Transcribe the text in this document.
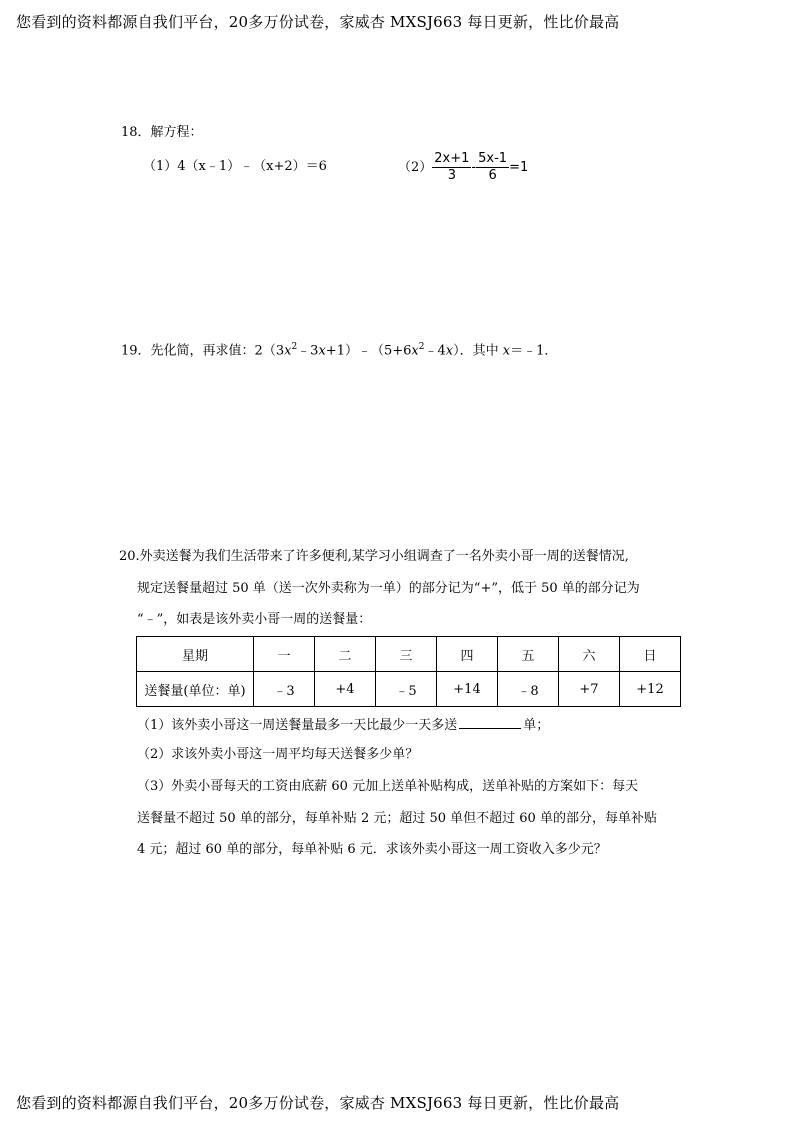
您看到的资料都源自我们平台，20多万份试卷，家威杏 MXSJ663 每日更新，性比价最高
18．解方程：
（1）4（x﹣1）﹣（x+2）＝6	$(2) \frac{2x+1}{3} - \frac{5x-1}{6} =1$
19．先化简，再求值：$2(3x^2﹣3x+1)﹣(5+6x^2﹣4x)$．其中 x＝﹣1．
20.外卖送餐为我们生活带来了许多便利,某学习小组调查了一名外卖小哥一周的送餐情况,
规定送餐量超过 50 单（送一次外卖称为一单）的部分记为“+”，低于 50 单的部分记为
“﹣”，如表是该外卖小哥一周的送餐量：
星期	一	二	三	四	五	六	日
送餐量(单位：单)	﹣3	+4	﹣5	+14	﹣8	+7	+12
（1）该外卖小哥这一周送餐量最多一天比最少一天多送	单；
（2）求该外卖小哥这一周平均每天送餐多少单？
（3）外卖小哥每天的工资由底薪 60 元加上送单补贴构成，送单补贴的方案如下：每天
送餐量不超过 50 单的部分，每单补贴 2 元；超过 50 单但不超过 60 单的部分，每单补贴
4 元；超过 60 单的部分，每单补贴 6 元．求该外卖小哥这一周工资收入多少元？
您看到的资料都源自我们平台，20多万份试卷，家威杏 MXSJ663 每日更新，性比价最高
